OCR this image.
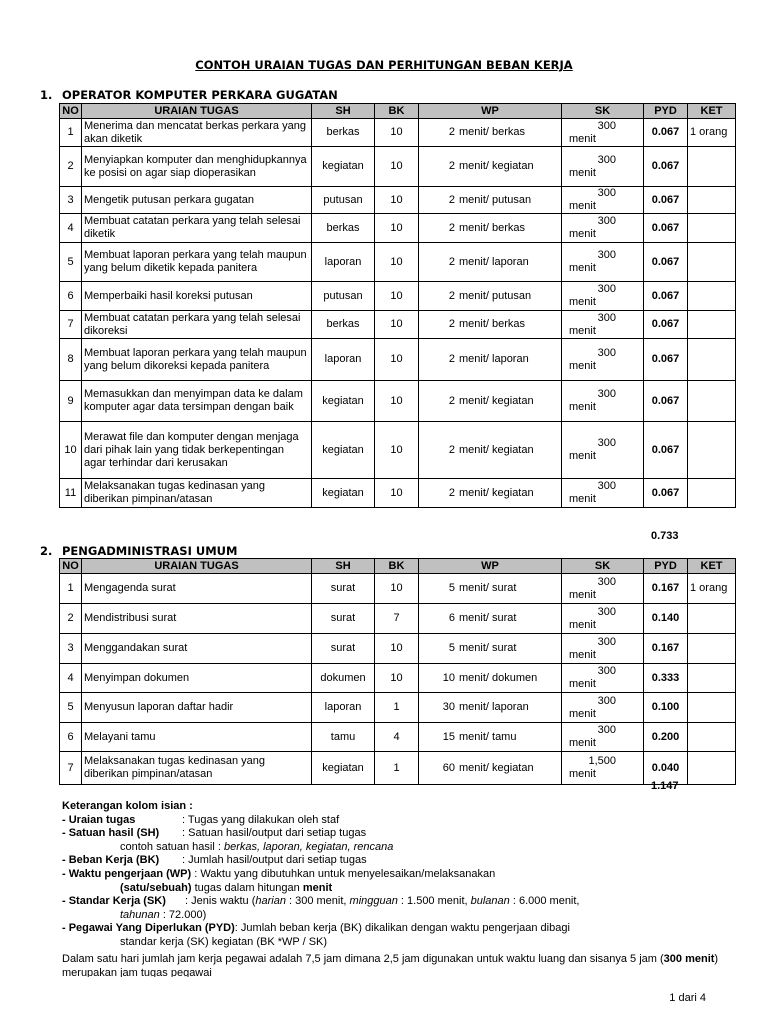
CONTOH URAIAN TUGAS DAN PERHITUNGAN BEBAN KERJA
1. OPERATOR KOMPUTER PERKARA GUGATAN
NO	URAIAN TUGAS	SH	BK	WP	SK	PYD	KET
1	Menerima dan mencatat berkas perkara yang akan diketik	berkas	10	2 menit/ berkas	300menit	0.067	1 orang
2	Menyiapkan komputer dan menghidupkannya ke posisi on agar siap dioperasikan	kegiatan	10	2 menit/ kegiatan	300menit	0.067	
3	Mengetik putusan perkara gugatan	putusan	10	2 menit/ putusan	300menit	0.067	
4	Membuat catatan perkara yang telah selesai diketik	berkas	10	2 menit/ berkas	300menit	0.067	
5	Membuat laporan perkara yang telah maupun yang belum diketik kepada panitera	laporan	10	2 menit/ laporan	300menit	0.067	
6	Memperbaiki hasil koreksi putusan	putusan	10	2 menit/ putusan	300menit	0.067	
7	Membuat catatan perkara yang telah selesai dikoreksi	berkas	10	2 menit/ berkas	300menit	0.067	
8	Membuat laporan perkara yang telah maupun yang belum dikoreksi kepada panitera	laporan	10	2 menit/ laporan	300menit	0.067	
9	Memasukkan dan menyimpan data ke dalam komputer agar data tersimpan dengan baik	kegiatan	10	2 menit/ kegiatan	300menit	0.067	
10	Merawat file dan komputer dengan menjaga dari pihak lain yang tidak berkepentingan agar terhindar dari kerusakan	kegiatan	10	2 menit/ kegiatan	300menit	0.067	
11	Melaksanakan tugas kedinasan yang diberikan pimpinan/atasan	kegiatan	10	2 menit/ kegiatan	300menit	0.067	
0.733
2. PENGADMINISTRASI UMUM
NO	URAIAN TUGAS	SH	BK	WP	SK	PYD	KET
1	Mengagenda surat	surat	10	5 menit/ surat	300menit	0.167	1 orang
2	Mendistribusi surat	surat	7	6 menit/ surat	300menit	0.140	
3	Menggandakan surat	surat	10	5 menit/ surat	300menit	0.167	
4	Menyimpan dokumen	dokumen	10	10 menit/ dokumen	300menit	0.333	
5	Menyusun laporan daftar hadir	laporan	1	30 menit/ laporan	300menit	0.100	
6	Melayani tamu	tamu	4	15 menit/ tamu	300menit	0.200	
7	Melaksanakan tugas kedinasan yang diberikan pimpinan/atasan	kegiatan	1	60 menit/ kegiatan	1,500menit	0.040	
1.147
Keterangan kolom isian :
- Uraian tugas	: Tugas yang dilakukan oleh staf
- Satuan hasil (SH) : Satuan hasil/output dari setiap tugas
contoh satuan hasil : berkas, laporan, kegiatan, rencana
- Beban Kerja (BK) : Jumlah hasil/output dari setiap tugas
- Waktu pengerjaan (WP) : Waktu yang dibutuhkan untuk menyelesaikan/melaksanakan
(satu/sebuah) tugas dalam hitungan menit
- Standar Kerja (SK) : Jenis waktu (harian : 300 menit, mingguan : 1.500 menit, bulanan : 6.000 menit,
tahunan : 72.000)
- Pegawai Yang Diperlukan (PYD): Jumlah beban kerja (BK) dikalikan dengan waktu pengerjaan dibagi
standar kerja (SK) kegiatan (BK *WP / SK)
Dalam satu hari jumlah jam kerja pegawai adalah 7,5 jam dimana 2,5 jam digunakan untuk waktu luang dan sisanya 5 jam (300 menit) merupakan jam tugas pegawai
1 dari 4
